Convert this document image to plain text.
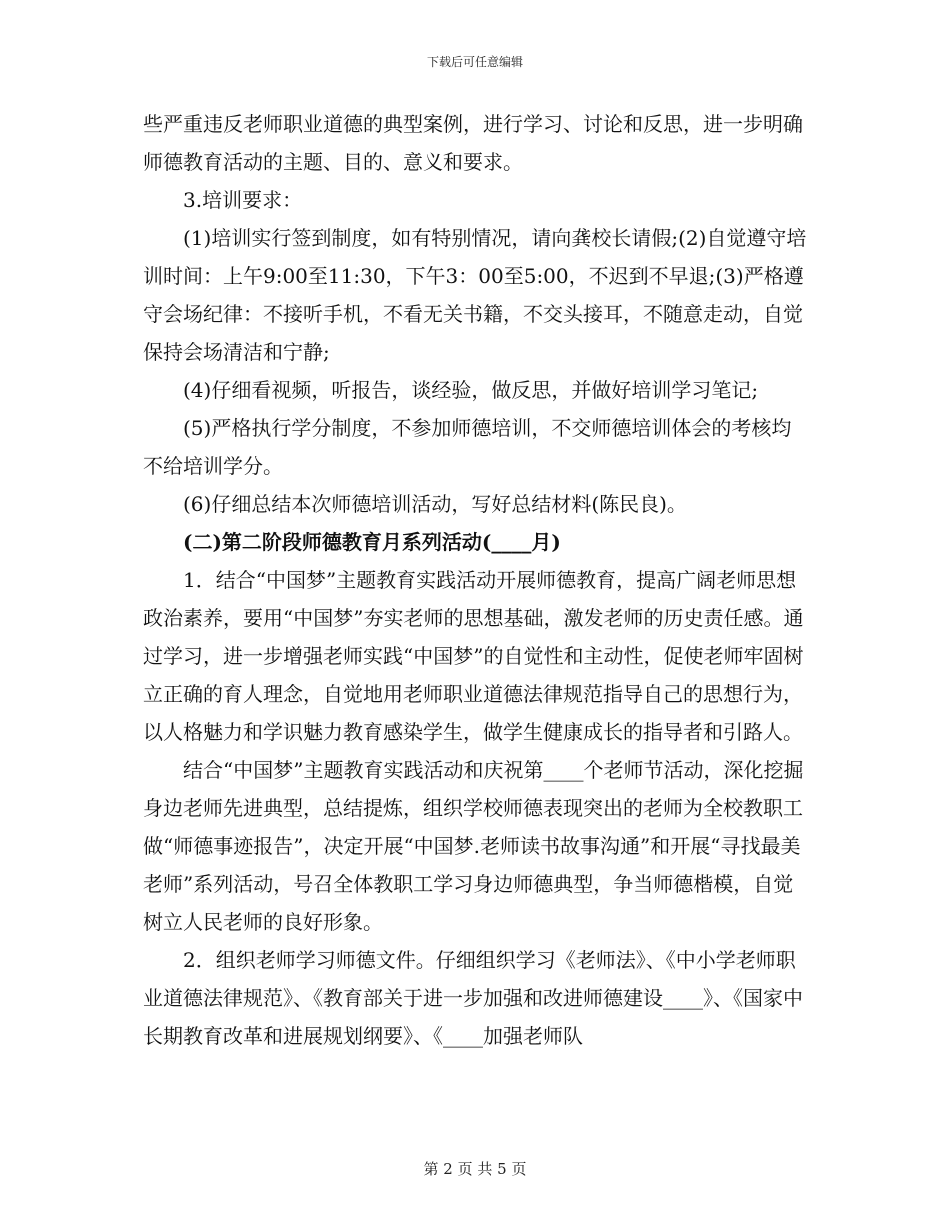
下载后可任意编辑

些严重违反老师职业道德的典型案例，进行学习、讨论和反思，进一步明确师德教育活动的主题、目的、意义和要求。

3.培训要求：

(1)培训实行签到制度，如有特别情况，请向龚校长请假;(2)自觉遵守培训时间：上午9:00至11:30，下午3：00至5:00，不迟到不早退;(3)严格遵守会场纪律：不接听手机，不看无关书籍，不交头接耳，不随意走动，自觉保持会场清洁和宁静;

(4)仔细看视频，听报告，谈经验，做反思，并做好培训学习笔记;

(5)严格执行学分制度，不参加师德培训，不交师德培训体会的考核均不给培训学分。

(6)仔细总结本次师德培训活动，写好总结材料(陈民良)。

(二)第二阶段师德教育月系列活动(____月)

1．结合“中国梦”主题教育实践活动开展师德教育，提高广阔老师思想政治素养，要用“中国梦”夯实老师的思想基础，激发老师的历史责任感。通过学习，进一步增强老师实践“中国梦”的自觉性和主动性，促使老师牢固树立正确的育人理念，自觉地用老师职业道德法律规范指导自己的思想行为，以人格魅力和学识魅力教育感染学生，做学生健康成长的指导者和引路人。

结合“中国梦”主题教育实践活动和庆祝第____个老师节活动，深化挖掘身边老师先进典型，总结提炼，组织学校师德表现突出的老师为全校教职工做“师德事迹报告”，决定开展“中国梦.老师读书故事沟通”和开展“寻找最美老师”系列活动，号召全体教职工学习身边师德典型，争当师德楷模，自觉树立人民老师的良好形象。

2．组织老师学习师德文件。仔细组织学习《老师法》、《中小学老师职业道德法律规范》、《教育部关于进一步加强和改进师德建设____》、《国家中长期教育改革和进展规划纲要》、《____加强老师队

第 2 页 共 5 页
